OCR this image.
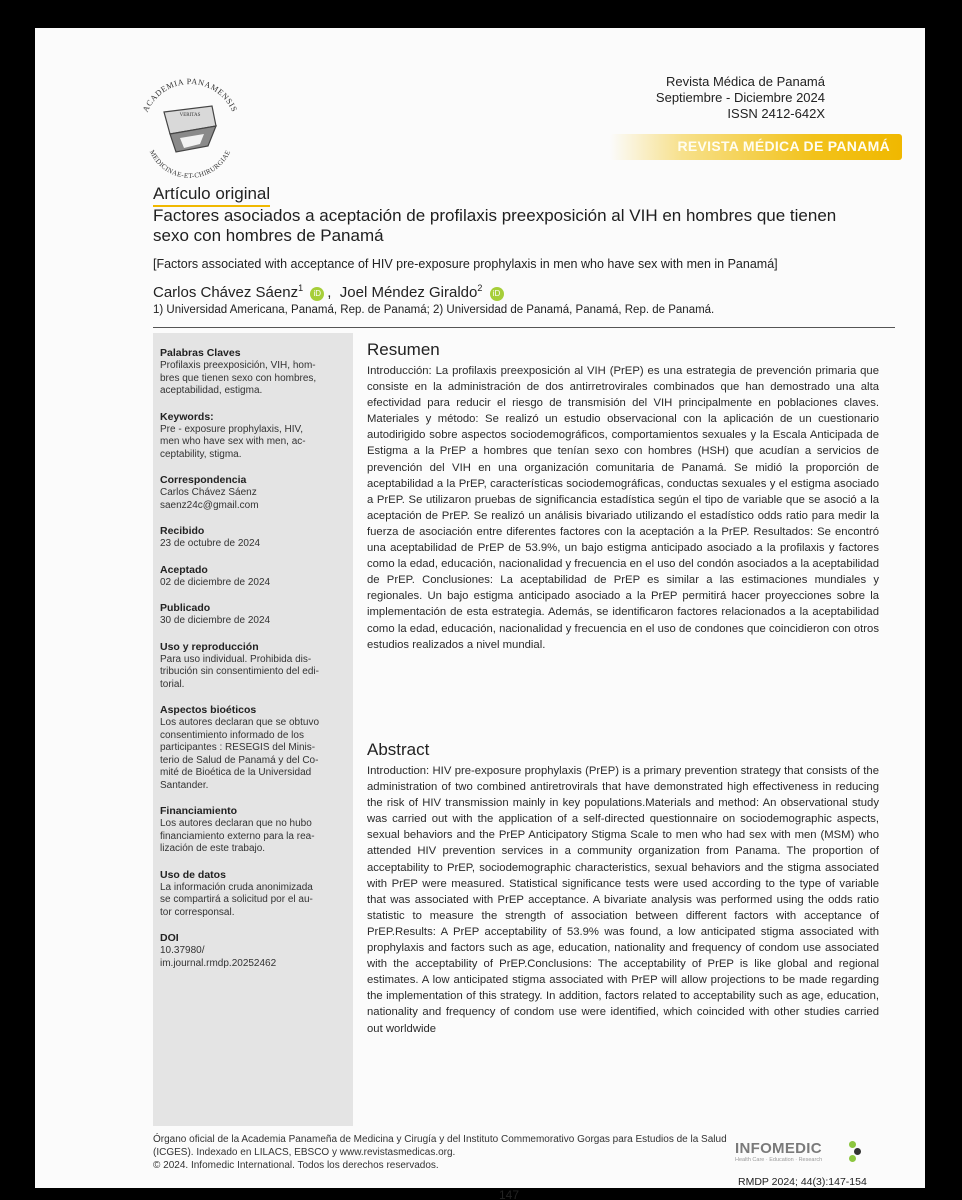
ACADEMIA PANAMENSIS
MEDICINAE-ET-CHIRURGIAE
VERITAS
Revista Médica de Panamá
Septiembre - Diciembre 2024
ISSN 2412-642X
REVISTA MÉDICA DE PANAMÁ
Artículo original
Factores asociados a aceptación de profilaxis preexposición al VIH en hombres que tienen sexo con hombres de Panamá
[Factors associated with acceptance of HIV pre-exposure prophylaxis in men who have sex with men in Panamá]
Carlos Chávez Sáenz$^1$ iD , Joel Méndez Giraldo$^2$ iD
1) Universidad Americana, Panamá, Rep. de Panamá; 2) Universidad de Panamá, Panamá, Rep. de Panamá.
Palabras Claves
Profilaxis preexposición, VIH, hom-
bres que tienen sexo con hombres,
aceptabilidad, estigma.
Keywords:
Pre - exposure prophylaxis, HIV,
men who have sex with men, ac-
ceptability, stigma.
Correspondencia
Carlos Chávez Sáenz
saenz24c@gmail.com
Recibido
23 de octubre de 2024
Aceptado
02 de diciembre de 2024
Publicado
30 de diciembre de 2024
Uso y reproducción
Para uso individual. Prohibida dis-
tribución sin consentimiento del edi-
torial.
Aspectos bioéticos
Los autores declaran que se obtuvo
consentimiento informado de los
participantes : RESEGIS del Minis-
terio de Salud de Panamá y del Co-
mité de Bioética de la Universidad
Santander.
Financiamiento
Los autores declaran que no hubo
financiamiento externo para la rea-
lización de este trabajo.
Uso de datos
La información cruda anonimizada
se compartirá a solicitud por el au-
tor corresponsal.
DOI
10.37980/
im.journal.rmdp.20252462
Resumen
Introducción: La profilaxis preexposición al VIH (PrEP) es una estrategia de prevención primaria que consiste en la administración de dos antirretrovirales combinados que han demostrado una alta efectividad para reducir el riesgo de transmisión del VIH principalmente en poblaciones claves. Materiales y método: Se realizó un estudio observacional con la aplicación de un cuestionario autodirigido sobre aspectos sociodemográficos, comportamientos sexuales y la Escala Anticipada de Estigma a la PrEP a hombres que tenían sexo con hombres (HSH) que acudían a servicios de prevención del VIH en una organización comunitaria de Panamá. Se midió la proporción de aceptabilidad a la PrEP, características sociodemográficas, conductas sexuales y el estigma asociado a PrEP. Se utilizaron pruebas de significancia estadística según el tipo de variable que se asoció a la aceptación de PrEP. Se realizó un análisis bivariado utilizando el estadístico odds ratio para medir la fuerza de asociación entre diferentes factores con la aceptación a la PrEP. Resultados: Se encontró una aceptabilidad de PrEP de 53.9%, un bajo estigma anticipado asociado a la profilaxis y factores como la edad, educación, nacionalidad y frecuencia en el uso del condón asociados a la aceptabilidad de PrEP. Conclusiones: La aceptabilidad de PrEP es similar a las estimaciones mundiales y regionales. Un bajo estigma anticipado asociado a la PrEP permitirá hacer proyecciones sobre la implementación de esta estrategia. Además, se identificaron factores relacionados a la aceptabilidad como la edad, educación, nacionalidad y frecuencia en el uso de condones que coincidieron con otros estudios realizados a nivel mundial.
Abstract
Introduction: HIV pre-exposure prophylaxis (PrEP) is a primary prevention strategy that consists of the administration of two combined antiretrovirals that have demonstrated high effectiveness in reducing the risk of HIV transmission mainly in key populations.Materials and method: An observational study was carried out with the application of a self-directed questionnaire on sociodemographic aspects, sexual behaviors and the PrEP Anticipatory Stigma Scale to men who had sex with men (MSM) who attended HIV prevention services in a community organization from Panama. The proportion of acceptability to PrEP, sociodemographic characteristics, sexual behaviors and the stigma associated with PrEP were measured. Statistical significance tests were used according to the type of variable that was associated with PrEP acceptance. A bivariate analysis was performed using the odds ratio statistic to measure the strength of association between different factors with acceptance of PrEP.Results: A PrEP acceptability of 53.9% was found, a low anticipated stigma associated with prophylaxis and factors such as age, education, nationality and frequency of condom use associated with the acceptability of PrEP.Conclusions: The acceptability of PrEP is like global and regional estimates. A low anticipated stigma associated with PrEP will allow projections to be made regarding the implementation of this strategy. In addition, factors related to acceptability such as age, education, nationality and frequency of condom use were identified, which coincided with other studies carried out worldwide
Órgano oficial de la Academia Panameña de Medicina y Cirugía y del Instituto Commemorativo Gorgas para Estudios de la Salud (ICGES). Indexado en LILACS, EBSCO y www.revistasmedicas.org.
© 2024. Infomedic International. Todos los derechos reservados.
INFOMEDIC
Health Care · Education · Research
RMDP 2024; 44(3):147-154
147
